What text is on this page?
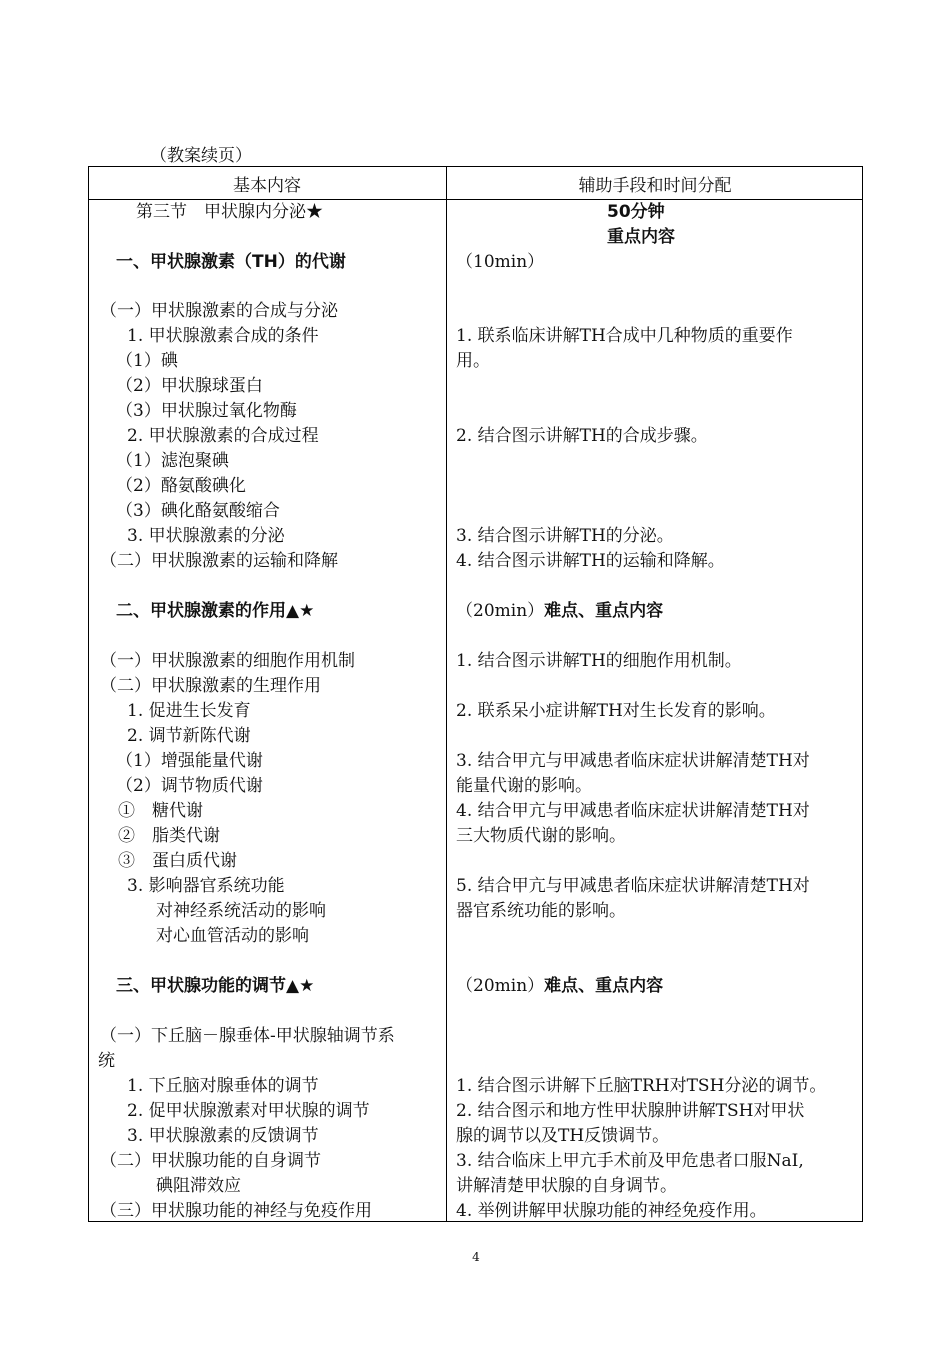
（教案续页）
基本内容	辅助手段和时间分配
第三节　甲状腺内分泌★
一、甲状腺激素（TH）的代谢
（一）甲状腺激素的合成与分泌
1. 甲状腺激素合成的条件
（1）碘
（2）甲状腺球蛋白
（3）甲状腺过氧化物酶
2. 甲状腺激素的合成过程
（1）滤泡聚碘
（2）酪氨酸碘化
（3）碘化酪氨酸缩合
3. 甲状腺激素的分泌
（二）甲状腺激素的运输和降解
二、甲状腺激素的作用▲★
（一）甲状腺激素的细胞作用机制
（二）甲状腺激素的生理作用
1. 促进生长发育
2. 调节新陈代谢
（1）增强能量代谢
（2）调节物质代谢
①　糖代谢
②　脂类代谢
③　蛋白质代谢
3. 影响器官系统功能
对神经系统活动的影响
对心血管活动的影响
三、甲状腺功能的调节▲★
（一）下丘脑－腺垂体-甲状腺轴调节系
统
1. 下丘脑对腺垂体的调节
2. 促甲状腺激素对甲状腺的调节
3. 甲状腺激素的反馈调节
（二）甲状腺功能的自身调节
碘阻滞效应
（三）甲状腺功能的神经与免疫作用
50分钟
重点内容
（10min）
1. 联系临床讲解TH合成中几种物质的重要作
用。
2. 结合图示讲解TH的合成步骤。
3. 结合图示讲解TH的分泌。
4. 结合图示讲解TH的运输和降解。
（20min）难点、重点内容
1. 结合图示讲解TH的细胞作用机制。
2. 联系呆小症讲解TH对生长发育的影响。
3. 结合甲亢与甲减患者临床症状讲解清楚TH对
能量代谢的影响。
4. 结合甲亢与甲减患者临床症状讲解清楚TH对
三大物质代谢的影响。
5. 结合甲亢与甲减患者临床症状讲解清楚TH对
器官系统功能的影响。
（20min）难点、重点内容
1. 结合图示讲解下丘脑TRH对TSH分泌的调节。
2. 结合图示和地方性甲状腺肿讲解TSH对甲状
腺的调节以及TH反馈调节。
3. 结合临床上甲亢手术前及甲危患者口服NaI,
讲解清楚甲状腺的自身调节。
4. 举例讲解甲状腺功能的神经免疫作用。
4
